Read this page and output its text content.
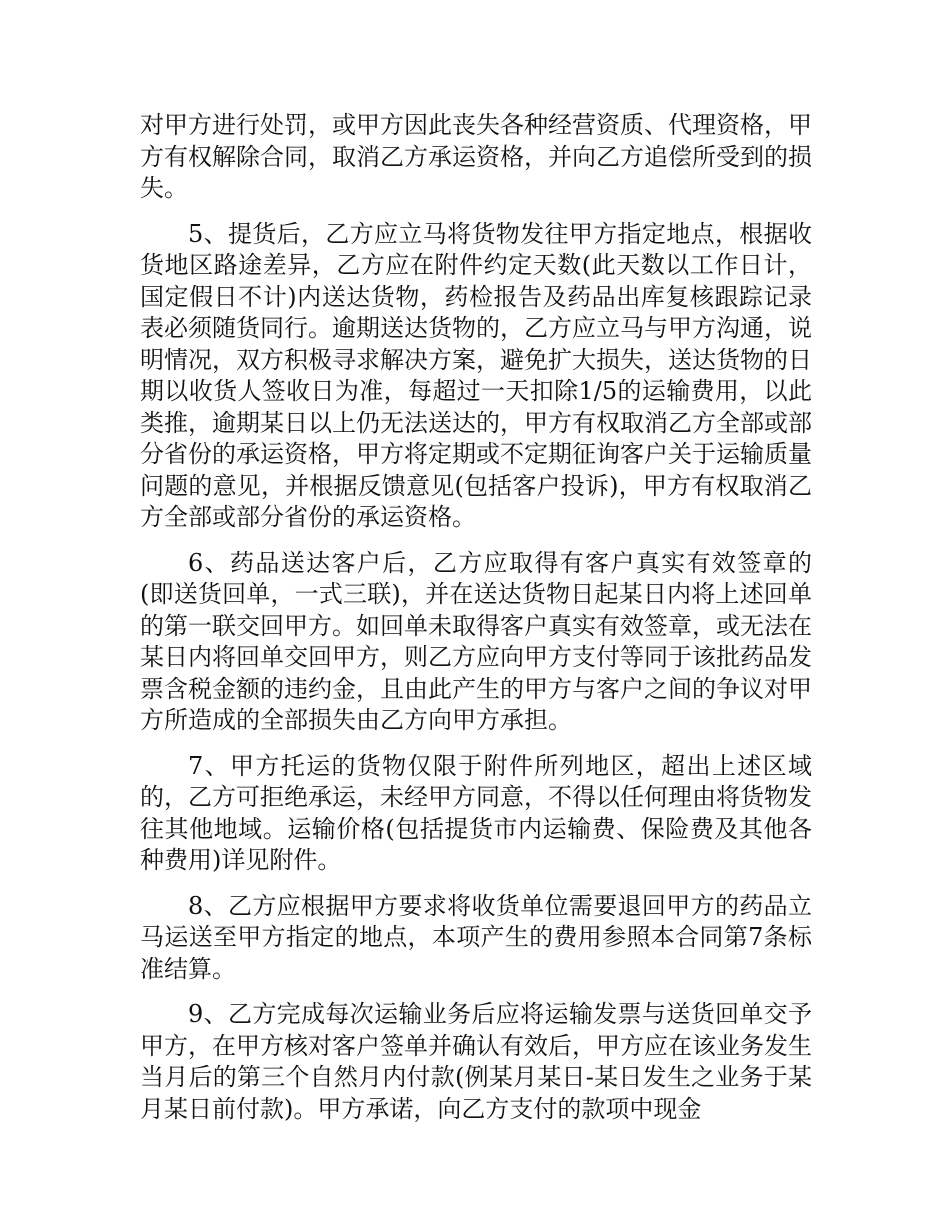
对甲方进行处罚，或甲方因此丧失各种经营资质、代理资格，甲方有权解除合同，取消乙方承运资格，并向乙方追偿所受到的损失。

5、提货后，乙方应立马将货物发往甲方指定地点，根据收货地区路途差异，乙方应在附件约定天数(此天数以工作日计，国定假日不计)内送达货物，药检报告及药品出库复核跟踪记录表必须随货同行。逾期送达货物的，乙方应立马与甲方沟通，说明情况，双方积极寻求解决方案，避免扩大损失，送达货物的日期以收货人签收日为准，每超过一天扣除1/5的运输费用，以此类推，逾期某日以上仍无法送达的，甲方有权取消乙方全部或部分省份的承运资格，甲方将定期或不定期征询客户关于运输质量问题的意见，并根据反馈意见(包括客户投诉)，甲方有权取消乙方全部或部分省份的承运资格。

6、药品送达客户后，乙方应取得有客户真实有效签章的(即送货回单，一式三联)，并在送达货物日起某日内将上述回单的第一联交回甲方。如回单未取得客户真实有效签章，或无法在某日内将回单交回甲方，则乙方应向甲方支付等同于该批药品发票含税金额的违约金，且由此产生的甲方与客户之间的争议对甲方所造成的全部损失由乙方向甲方承担。

7、甲方托运的货物仅限于附件所列地区，超出上述区域的，乙方可拒绝承运，未经甲方同意，不得以任何理由将货物发往其他地域。运输价格(包括提货市内运输费、保险费及其他各种费用)详见附件。

8、乙方应根据甲方要求将收货单位需要退回甲方的药品立马运送至甲方指定的地点，本项产生的费用参照本合同第7条标准结算。

9、乙方完成每次运输业务后应将运输发票与送货回单交予甲方，在甲方核对客户签单并确认有效后，甲方应在该业务发生当月后的第三个自然月内付款(例某月某日-某日发生之业务于某月某日前付款)。甲方承诺，向乙方支付的款项中现金
